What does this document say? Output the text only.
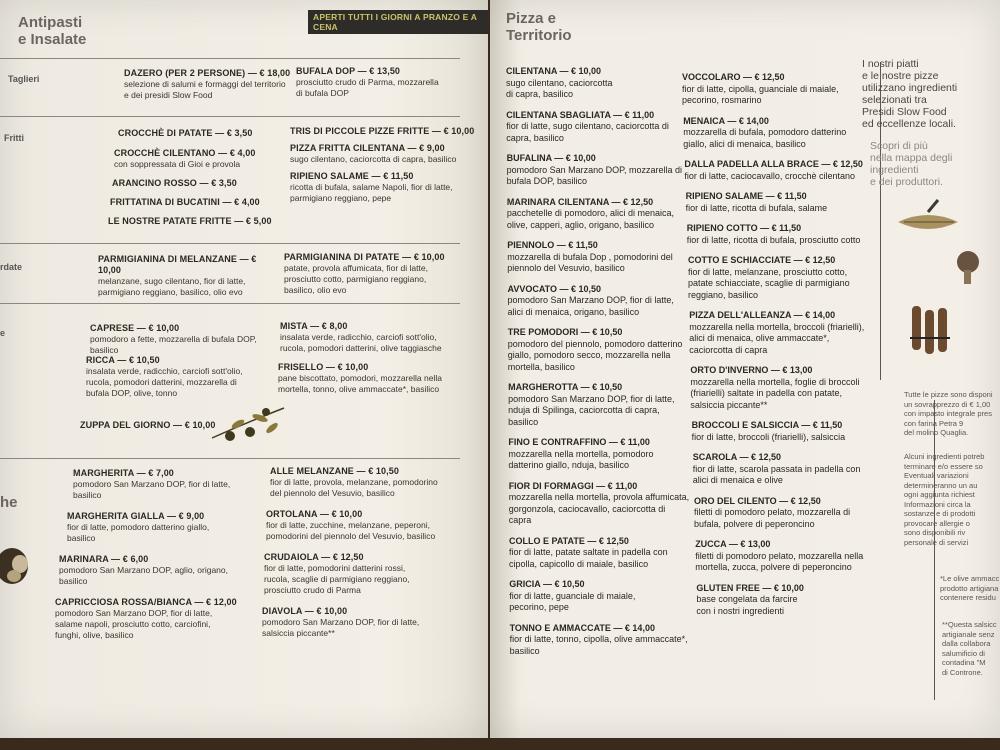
Antipasti
e Insalate
APERTI TUTTI I GIORNI A PRANZO E A CENA
Taglieri
DAZERO (PER 2 PERSONE) — € 18,00
selezione di salumi e formaggi del territorio
e dei presidi Slow Food
BUFALA DOP — € 13,50
prosciutto crudo di Parma, mozzarella
di bufala DOP
Fritti	CROCCHÈ DI PATATE — € 3,50
CROCCHÈ CILENTANO — € 4,00
con soppressata di Gioi e provola
ARANCINO ROSSO — € 3,50
FRITTATINA DI BUCATINI — € 4,00
LE NOSTRE PATATE FRITTE — € 5,00
TRIS DI PICCOLE PIZZE FRITTE — € 10,00
PIZZA FRITTA CILENTANA — € 9,00
sugo cilentano, caciorcotta di capra, basilico
RIPIENO SALAME — € 11,50
ricotta di bufala, salame Napoli, fior di latte,
parmigiano reggiano, pepe
rdate
PARMIGIANINA DI MELANZANE — € 10,00
melanzane, sugo cilentano, fior di latte,
parmigiano reggiano, basilico, olio evo
PARMIGIANINA DI PATATE — € 10,00
patate, provola affumicata, fior di latte,
prosciutto cotto, parmigiano reggiano,
basilico, olio evo
e	CAPRESE — € 10,00
pomodoro a fette, mozzarella di bufala DOP, basilico
RICCA — € 10,50
insalata verde, radicchio, carciofi sott'olio,
rucola, pomodori datterini, mozzarella di
bufala DOP, olive, tonno
ZUPPA DEL GIORNO — € 10,00
MISTA — € 8,00
insalata verde, radicchio, carciofi sott'olio,
rucola, pomodori datterini, olive taggiasche
FRISELLO — € 10,00
pane biscottato, pomodori, mozzarella nella
mortella, tonno, olive ammaccate*, basilico
he
MARGHERITA — € 7,00
pomodoro San Marzano DOP, fior di latte,
basilico
MARGHERITA GIALLA — € 9,00
fior di latte, pomodoro datterino giallo,
basilico
MARINARA — € 6,00
pomodoro San Marzano DOP, aglio, origano,
basilico
CAPRICCIOSA ROSSA/BIANCA — € 12,00
pomodoro San Marzano DOP, fior di latte,
salame napoli, prosciutto cotto, carciofini,
funghi, olive, basilico
ALLE MELANZANE — € 10,50
fior di latte, provola, melanzane, pomodorino
del piennolo del Vesuvio, basilico
ORTOLANA — € 10,00
fior di latte, zucchine, melanzane, peperoni,
pomodorini del piennolo del Vesuvio, basilico
CRUDAIOLA — € 12,50
fior di latte, pomodorini datterini rossi,
rucola, scaglie di parmigiano reggiano,
prosciutto crudo di Parma
DIAVOLA — € 10,00
pomodoro San Marzano DOP, fior di latte,
salsiccia piccante**
Pizza e
Territorio
CILENTANA — € 10,00
sugo cilentano, caciorcotta
di capra, basilico
CILENTANA SBAGLIATA — € 11,00
fior di latte, sugo cilentano, caciorcotta di
capra, basilico
BUFALINA — € 10,00
pomodoro San Marzano DOP, mozzarella di
bufala DOP, basilico
MARINARA CILENTANA — € 12,50
pacchetelle di pomodoro, alici di menaica,
olive, capperi, aglio, origano, basilico
PIENNOLO — € 11,50
mozzarella di bufala Dop , pomodorini del
piennolo del Vesuvio, basilico
AVVOCATO — € 10,50
pomodoro San Marzano DOP, fior di latte,
alici di menaica, origano, basilico
TRE POMODORI — € 10,50
pomodoro del piennolo, pomodoro datterino
giallo, pomodoro secco, mozzarella nella
mortella, basilico
MARGHEROTTA — € 10,50
pomodoro San Marzano DOP, fior di latte,
nduja di Spilinga, caciorcotta di capra,
basilico
FINO E CONTRAFFINO — € 11,00
mozzarella nella mortella, pomodoro
datterino giallo, nduja, basilico
FIOR DI FORMAGGI — € 11,00
mozzarella nella mortella, provola affumicata,
gorgonzola, caciocavallo, caciorcotta di
capra
COLLO E PATATE — € 12,50
fior di latte, patate saltate in padella con
cipolla, capicollo di maiale, basilico
GRICIA — € 10,50
fior di latte, guanciale di maiale,
pecorino, pepe
TONNO E AMMACCATE — € 14,00
fior di latte, tonno, cipolla, olive ammaccate*,
basilico
VOCCOLARO — € 12,50
fior di latte, cipolla, guanciale di maiale,
pecorino, rosmarino
MENAICA — € 14,00
mozzarella di bufala, pomodoro datterino
giallo, alici di menaica, basilico
DALLA PADELLA ALLA BRACE — € 12,50
fior di latte, caciocavallo, crocchè cilentano
RIPIENO SALAME — € 11,50
fior di latte, ricotta di bufala, salame
RIPIENO COTTO — € 11,50
fior di latte, ricotta di bufala, prosciutto cotto
COTTO E SCHIACCIATE — € 12,50
fior di latte, melanzane, prosciutto cotto,
patate schiacciate, scaglie di parmigiano
reggiano, basilico
PIZZA DELL'ALLEANZA — € 14,00
mozzarella nella mortella, broccoli (friarielli),
alici di menaica, olive ammaccate*,
caciorcotta di capra
ORTO D'INVERNO — € 13,00
mozzarella nella mortella, foglie di broccoli
(friarielli) saltate in padella con patate,
salsiccia piccante**
BROCCOLI E SALSICCIA — € 11,50
fior di latte, broccoli (friarielli), salsiccia
SCAROLA — € 12,50
fior di latte, scarola passata in padella con
alici di menaica e olive
ORO DEL CILENTO — € 12,50
filetti di pomodoro pelato, mozzarella di
bufala, polvere di peperoncino
ZUCCA — € 13,00
filetti di pomodoro pelato, mozzarella nella
mortella, zucca, polvere di peperoncino
GLUTEN FREE — € 10,00
base congelata da farcire
con i nostri ingredienti
I nostri piatti
e le nostre pizze
utilizzano ingredienti
selezionati tra
Presidi Slow Food
ed eccellenze locali.
Scopri di più
nella mappa degli
ingredienti
e dei produttori.
Tutte le pizze sono disponi
un sovrapprezzo di € 1,00
con impasto integrale pres
con farina Petra 9
del molino Quaglia.
Alcuni ingredienti potreb
terminare e/o essere so
Eventuali variazioni
determineranno un au
ogni aggiunta richiest
Informazioni circa la
sostanze e di prodotti
provocare allergie o
sono disponibili riv
personale di servizi
*Le olive ammacc
prodotto artigiana
contenere residu
**Questa salsicc
artigianale senz
dalla collabora
salumificio di
contadina "M
di Controne.
